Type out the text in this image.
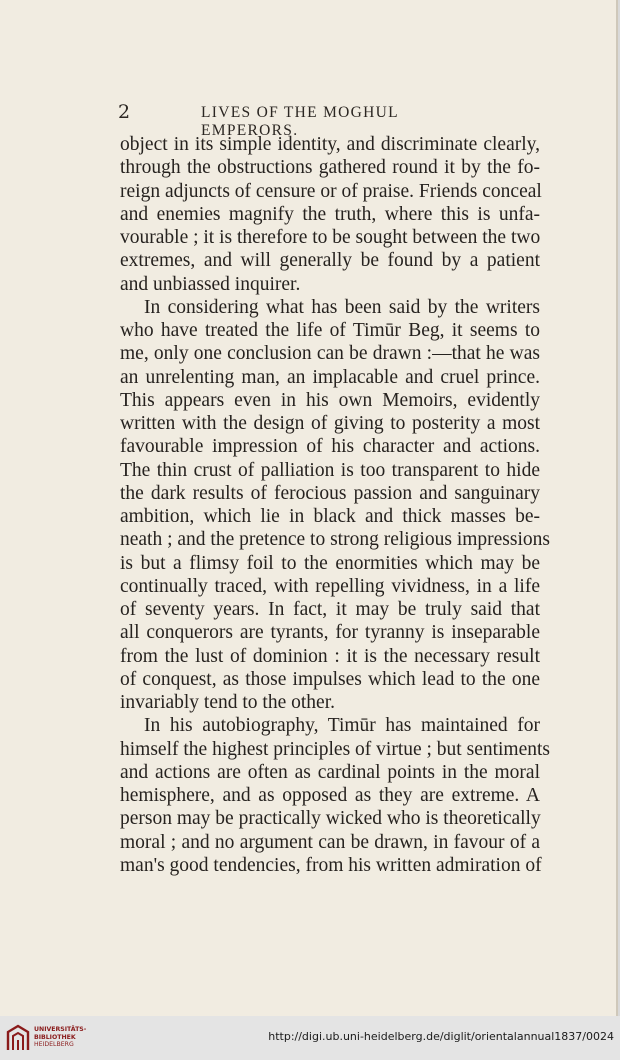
2	LIVES OF THE MOGHUL EMPERORS.
object in its simple identity, and discriminate clearly,
through the obstructions gathered round it by the fo-
reign adjuncts of censure or of praise. Friends conceal
and enemies magnify the truth, where this is unfa-
vourable ; it is therefore to be sought between the two
extremes, and will generally be found by a patient
and unbiassed inquirer.
In considering what has been said by the writers
who have treated the life of Timūr Beg, it seems to
me, only one conclusion can be drawn :—that he was
an unrelenting man, an implacable and cruel prince.
This appears even in his own Memoirs, evidently
written with the design of giving to posterity a most
favourable impression of his character and actions.
The thin crust of palliation is too transparent to hide
the dark results of ferocious passion and sanguinary
ambition, which lie in black and thick masses be-
neath ; and the pretence to strong religious impressions
is but a flimsy foil to the enormities which may be
continually traced, with repelling vividness, in a life
of seventy years. In fact, it may be truly said that
all conquerors are tyrants, for tyranny is inseparable
from the lust of dominion : it is the necessary result
of conquest, as those impulses which lead to the one
invariably tend to the other.
In his autobiography, Timūr has maintained for
himself the highest principles of virtue ; but sentiments
and actions are often as cardinal points in the moral
hemisphere, and as opposed as they are extreme. A
person may be practically wicked who is theoretically
moral ; and no argument can be drawn, in favour of a
man's good tendencies, from his written admiration of
UNIVERSITÄTS-
BIBLIOTHEK
HEIDELBERG
http://digi.ub.uni-heidelberg.de/diglit/orientalannual1837/0024
